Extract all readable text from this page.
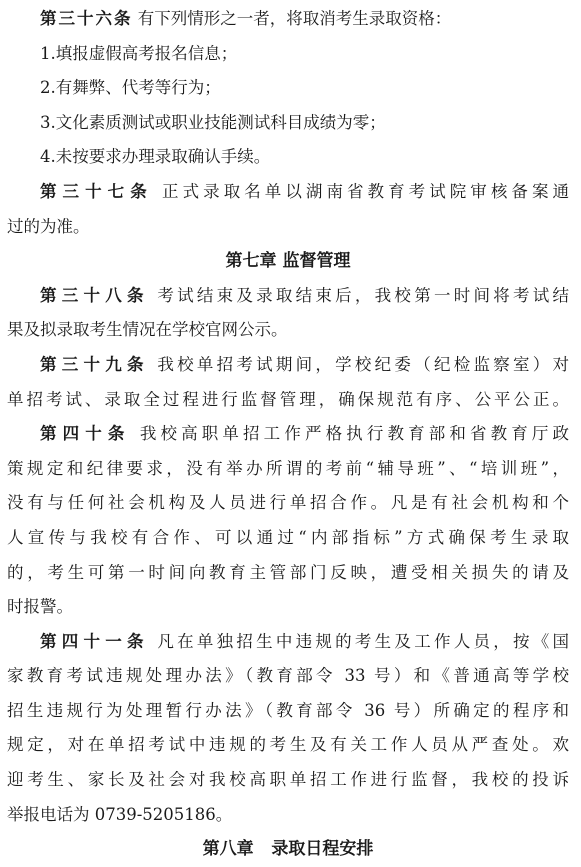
第三十六条 有下列情形之一者，将取消考生录取资格：
1.填报虚假高考报名信息；
2.有舞弊、代考等行为；
3.文化素质测试或职业技能测试科目成绩为零；
4.未按要求办理录取确认手续。
第三十七条 正式录取名单以湖南省教育考试院审核备案通
过的为准。
第七章 监督管理
第三十八条 考试结束及录取结束后，我校第一时间将考试结
果及拟录取考生情况在学校官网公示。
第三十九条 我校单招考试期间，学校纪委（纪检监察室）对
单招考试、录取全过程进行监督管理，确保规范有序、公平公正。
第四十条 我校高职单招工作严格执行教育部和省教育厅政
策规定和纪律要求，没有举办所谓的考前“辅导班”、“培训班”，
没有与任何社会机构及人员进行单招合作。凡是有社会机构和个
人宣传与我校有合作、可以通过“内部指标”方式确保考生录取
的，考生可第一时间向教育主管部门反映，遭受相关损失的请及
时报警。
第四十一条 凡在单独招生中违规的考生及工作人员，按《国
家教育考试违规处理办法》（教育部令 33 号）和《普通高等学校
招生违规行为处理暂行办法》（教育部令 36 号）所确定的程序和
规定，对在单招考试中违规的考生及有关工作人员从严查处。欢
迎考生、家长及社会对我校高职单招工作进行监督，我校的投诉
举报电话为 0739-5205186。
第八章   录取日程安排
